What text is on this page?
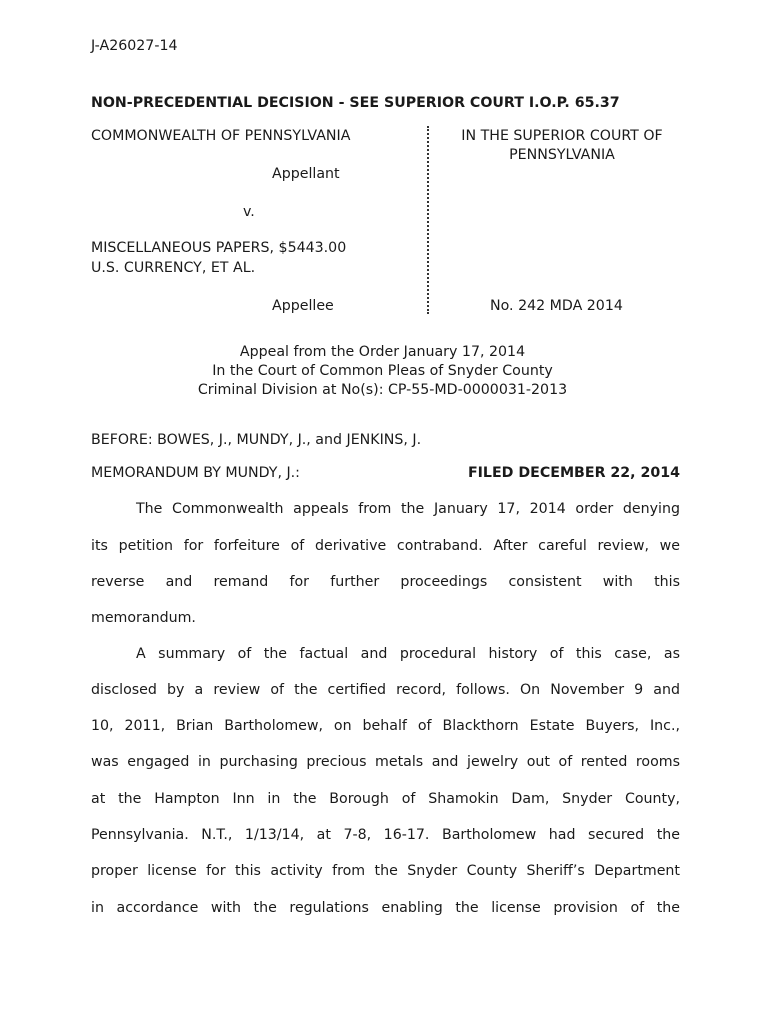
J-A26027-14
NON-PRECEDENTIAL DECISION - SEE SUPERIOR COURT I.O.P. 65.37
COMMONWEALTH OF PENNSYLVANIA
Appellant
v.
MISCELLANEOUS PAPERS, $5443.00
U.S. CURRENCY, ET AL.
Appellee
IN THE SUPERIOR COURT OF
PENNSYLVANIA
No. 242 MDA 2014
Appeal from the Order January 17, 2014
In the Court of Common Pleas of Snyder County
Criminal Division at No(s): CP-55-MD-0000031-2013
BEFORE: BOWES, J., MUNDY, J., and JENKINS, J.
MEMORANDUM BY MUNDY, J.:	FILED DECEMBER 22, 2014
The Commonwealth appeals from the January 17, 2014 order denying
its petition for forfeiture of derivative contraband. After careful review, we
reverse and remand for further proceedings consistent with this
memorandum.
A summary of the factual and procedural history of this case, as
disclosed by a review of the certified record, follows. On November 9 and
10, 2011, Brian Bartholomew, on behalf of Blackthorn Estate Buyers, Inc.,
was engaged in purchasing precious metals and jewelry out of rented rooms
at the Hampton Inn in the Borough of Shamokin Dam, Snyder County,
Pennsylvania. N.T., 1/13/14, at 7-8, 16-17. Bartholomew had secured the
proper license for this activity from the Snyder County Sheriff’s Department
in accordance with the regulations enabling the license provision of the
